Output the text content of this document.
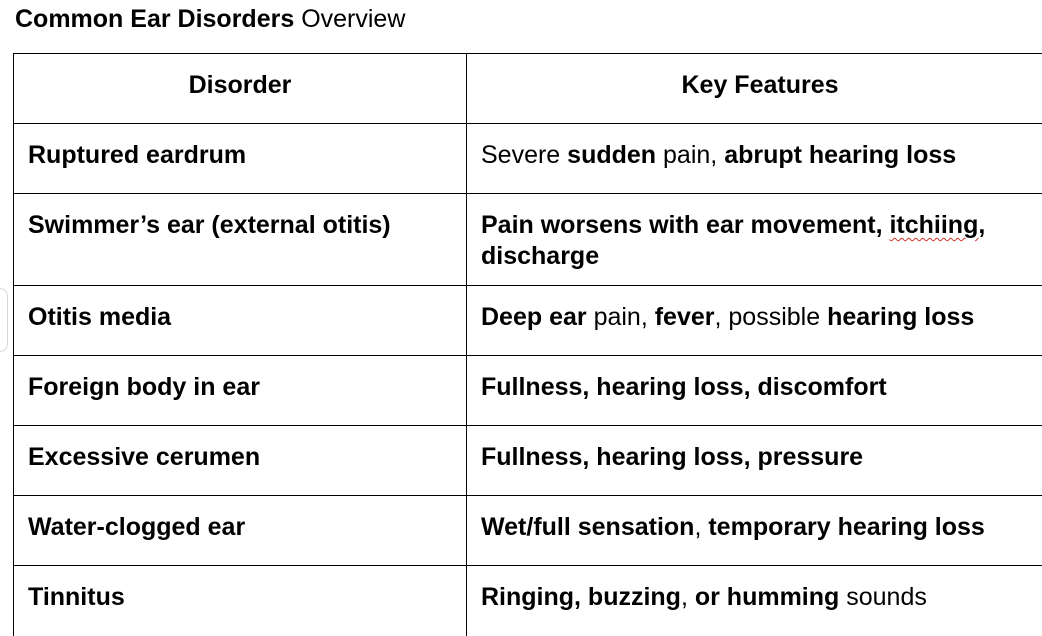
Common Ear Disorders Overview
Disorder	Key Features
Ruptured eardrum	Severe sudden pain, abrupt hearing loss
Swimmer’s ear (external otitis)	Pain worsens with ear movement, itchiing, discharge
Otitis media	Deep ear pain, fever, possible hearing loss
Foreign body in ear	Fullness, hearing loss, discomfort
Excessive cerumen	Fullness, hearing loss, pressure
Water-clogged ear	Wet/full sensation, temporary hearing loss
Tinnitus	Ringing, buzzing, or humming sounds
